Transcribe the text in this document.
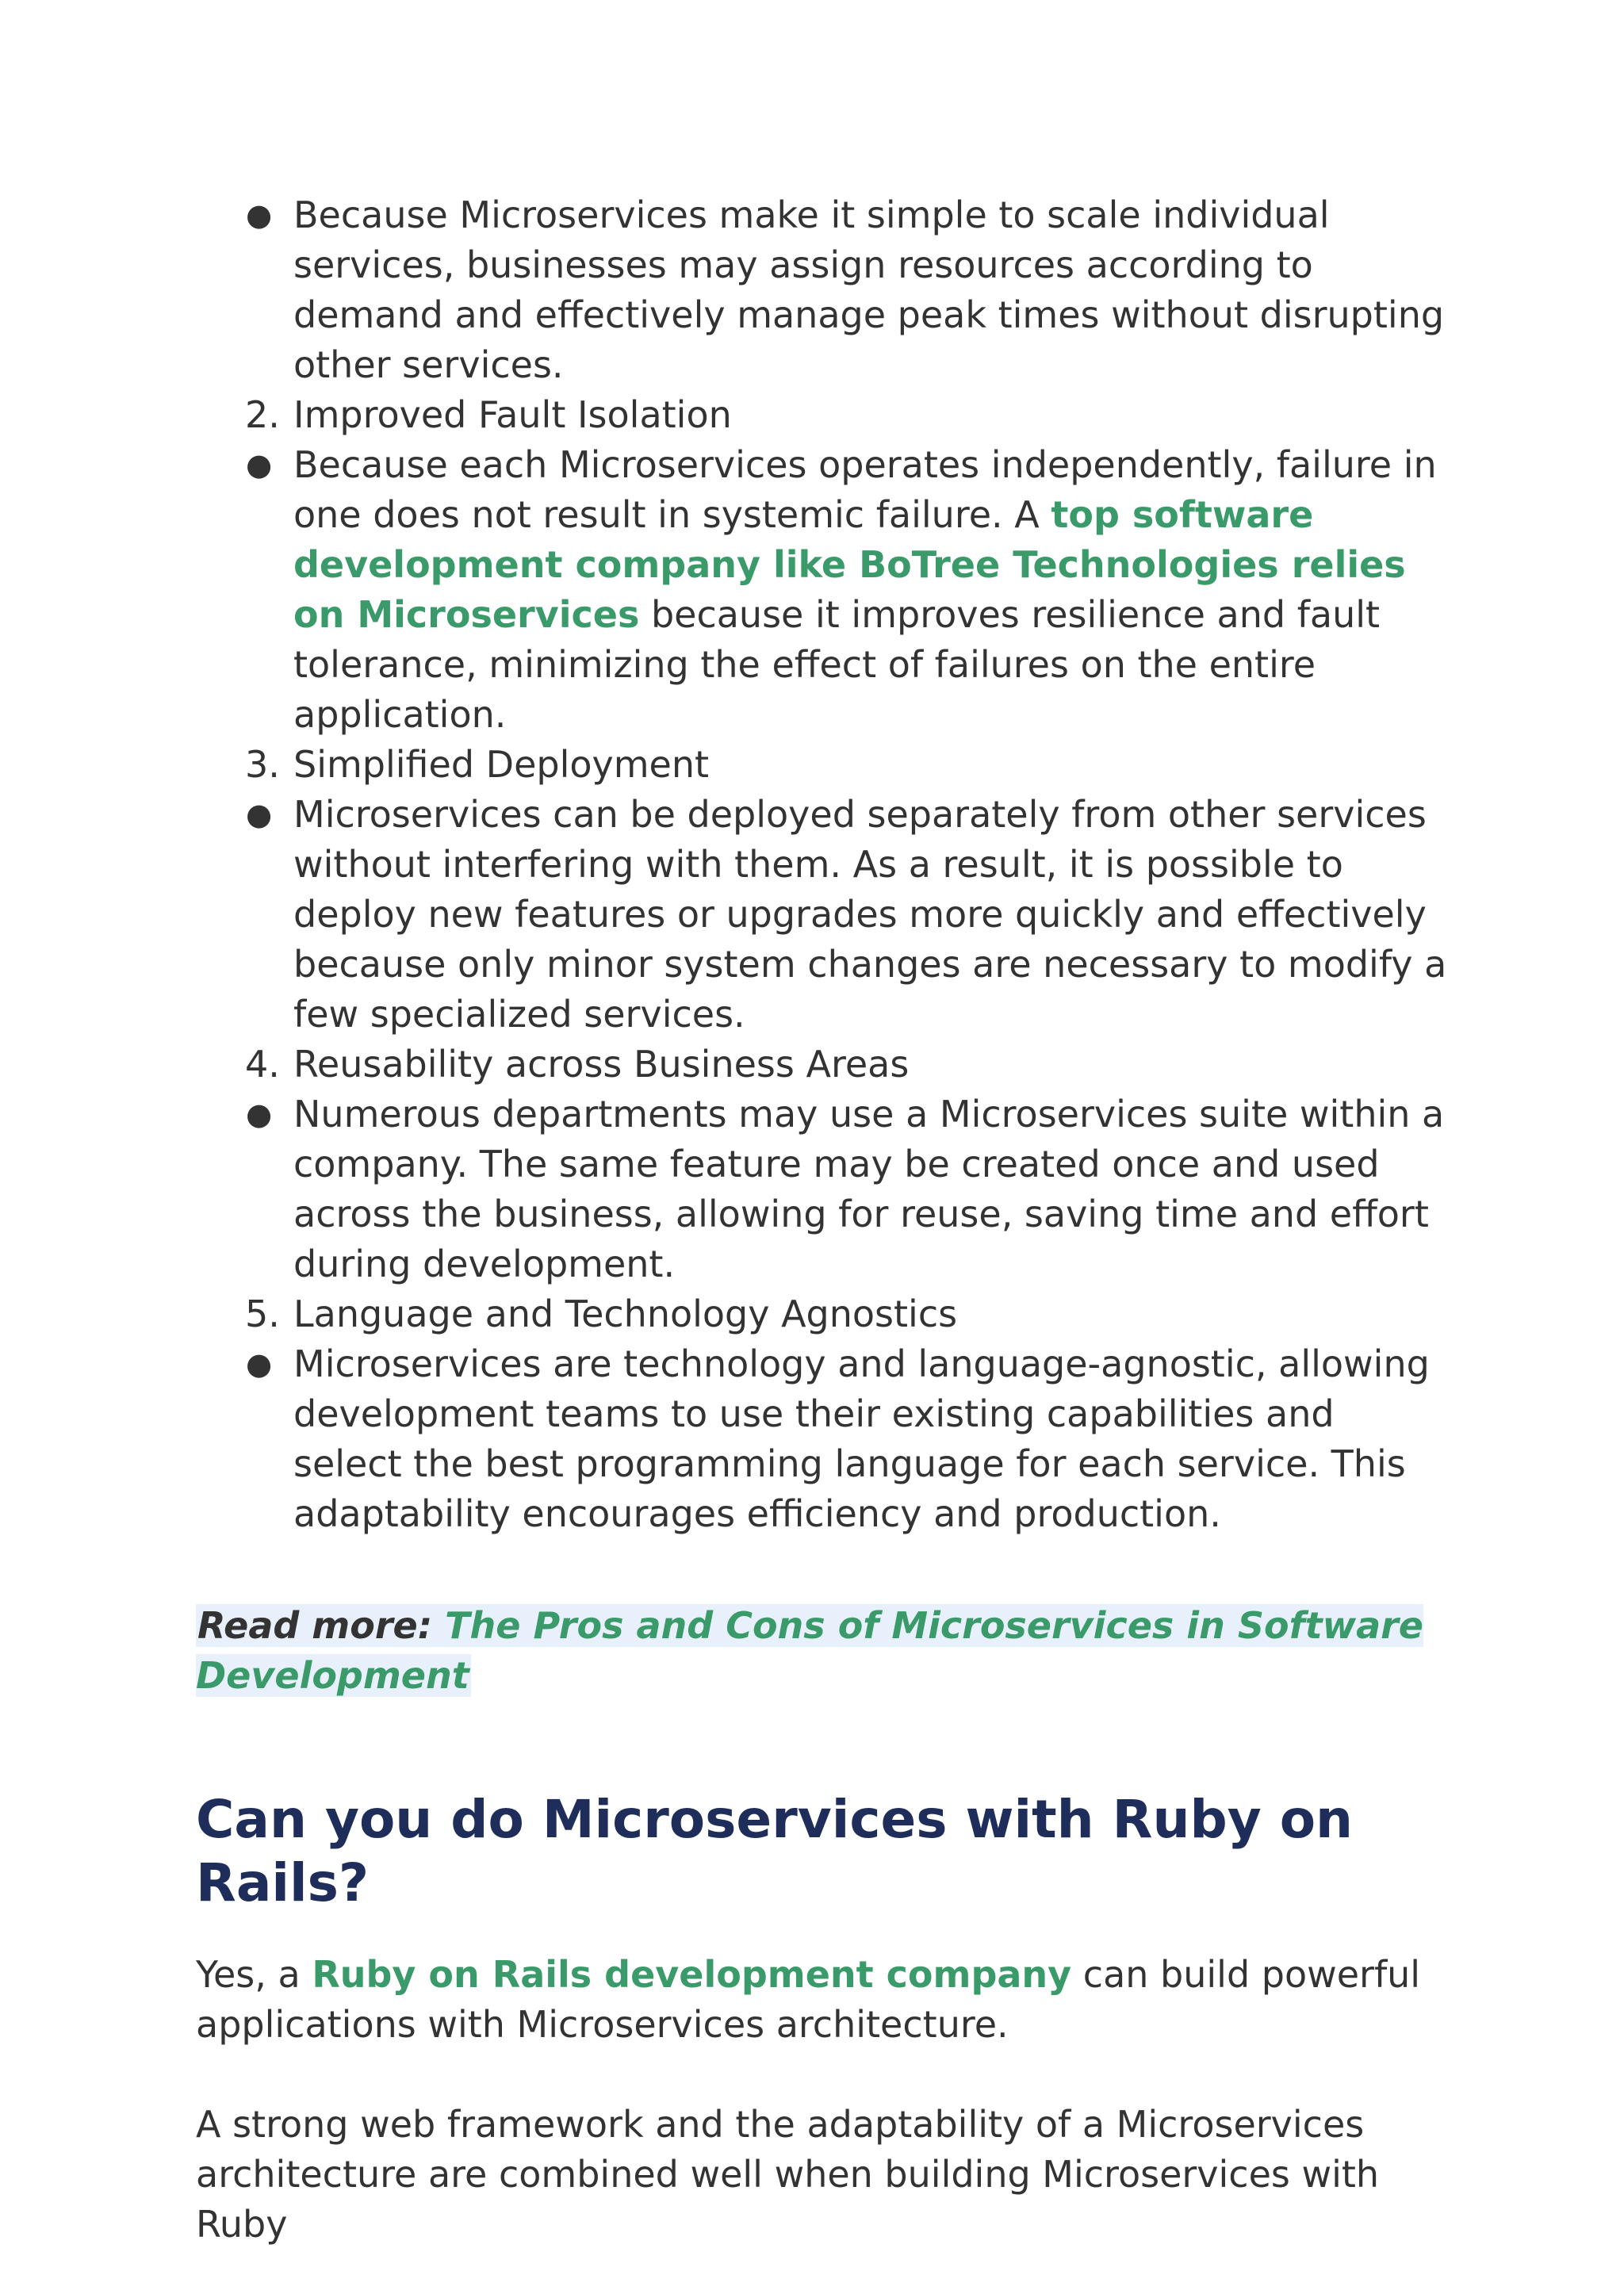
● Because Microservices make it simple to scale individual services, businesses may assign resources according to demand and effectively manage peak times without disrupting other services.
2. Improved Fault Isolation
● Because each Microservices operates independently, failure in one does not result in systemic failure. A top software development company like BoTree Technologies relies on Microservices because it improves resilience and fault tolerance, minimizing the effect of failures on the entire application.
3. Simplified Deployment
● Microservices can be deployed separately from other services without interfering with them. As a result, it is possible to deploy new features or upgrades more quickly and effectively because only minor system changes are necessary to modify a few specialized services.
4. Reusability across Business Areas
● Numerous departments may use a Microservices suite within a company. The same feature may be created once and used across the business, allowing for reuse, saving time and effort during development.
5. Language and Technology Agnostics
● Microservices are technology and language-agnostic, allowing development teams to use their existing capabilities and select the best programming language for each service. This adaptability encourages efficiency and production.
Read more: The Pros and Cons of Microservices in Software Development
Can you do Microservices with Ruby on Rails?

Yes, a Ruby on Rails development company can build powerful applications with Microservices architecture.

A strong web framework and the adaptability of a Microservices architecture are combined well when building Microservices with Ruby
